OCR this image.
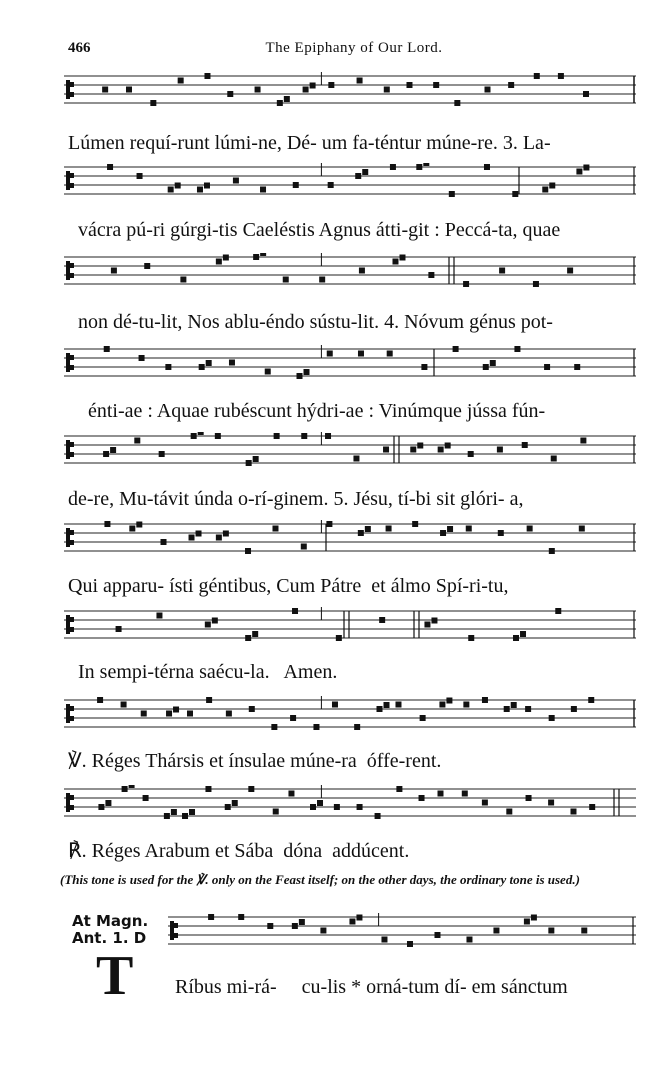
466	The Epiphany of Our Lord.
Lúmen requí-runt lúmi-ne, Dé- um fa-téntur múne-re. 3. La-
vácra pú-ri gúrgi-tis Caeléstis Agnus átti-git : Peccá-ta, quae
non dé-tu-lit, Nos ablu-éndo sústu-lit. 4. Nóvum génus pot-
énti-ae : Aquae rubéscunt hýdri-ae : Vinúmque jússa fún-
de-re, Mu-távit únda o-rí-ginem. 5. Jésu, tí-bi sit glóri- a,
Qui apparu- ísti géntibus, Cum Pátre  et álmo Spí-ri-tu,
In sempi-térna saécu-la.   Amen.
℣. Réges Thársis et ínsulae múne-ra  óffe-rent.
℟. Réges Arabum et Sába  dóna  addúcent.
(This tone is used for the ℣. only on the Feast itself; on the other days, the ordinary tone is used.)
At Magn.
Ant. 1. D
T Ríbus mi-rá-     cu-lis * orná-tum dí- em sánctum
